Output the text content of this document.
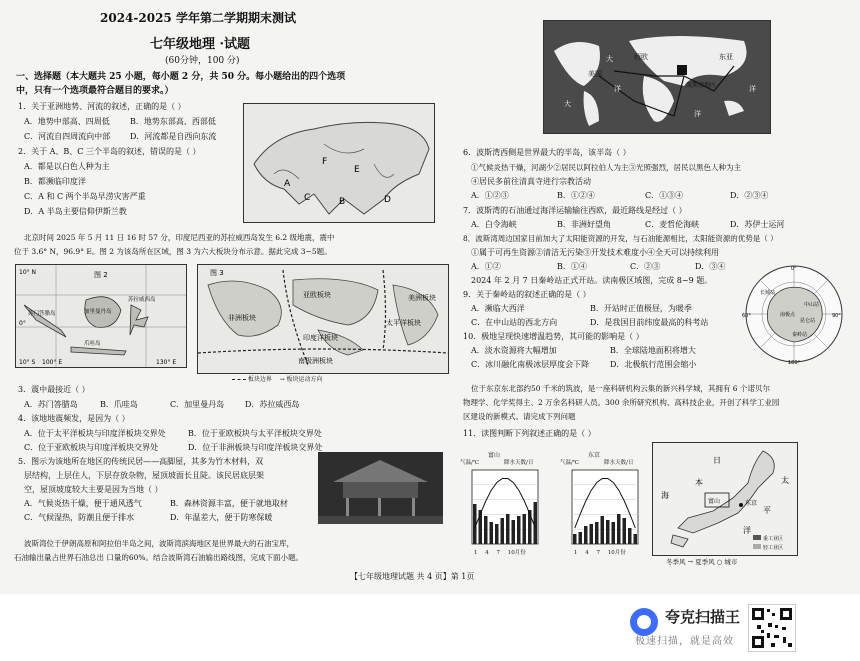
2024-2025 学年第二学期期末测试
七年级地理 ·试题
(60分钟，100 分)
一、选择题（本大题共 25 小题，每小题 2 分，共 50 分。每小题给出的四个选项
中，只有一个选项最符合题目的要求。）
1．关于亚洲地势、河流的叙述，正确的是（ ）
A．地势中部高、四周低	B．地势东部高、西部低
C．河流自四周流向中部 D．河流都是自西向东流
2．关于 A、B、C 三个半岛的叙述，错误的是（ ）
A．都是以白色人种为主
B．都濒临印度洋
C．A 和 C 两个半岛早涝灾害严重
D．A 半岛主要信仰伊斯兰教
F
E
C
A
B	D
北京时间 2025 年 5 月 11 日 16 时 57 分，印度尼西亚的苏拉威西岛发生 6.2 级地震，震中
位于 3.6° N，96.9° E。图 2 为该岛所在区域，图 3 为六大板块分布示意。据此完成 3~5题。
10° N
0°
10° S 100° E	130° E
苏门答腊岛	加里曼丹岛
爪哇岛
苏拉威西岛
图 2
亚欧板块
太平洋板块
美洲板块
非洲板块
印度洋板块
南极洲板块
图 3
板块边界 → 板块运动方向
3．震中最接近（ ）
A．苏门答腊岛	B．爪哇岛	C．加里曼丹岛	D．苏拉威西岛
4．该地地震频发，是因为（ ）
A．位于太平洋板块与印度洋板块交界处	B．位于亚欧板块与太平洋板块交界处
C．位于亚欧板块与印度洋板块交界处	D．位于非洲板块与印度洋板块交界处
5．图示为该地所在地区的传统民居——高脚屋，其多为竹木材料，双
层结构，上层住人，下层存放杂物，屋顶坡面长且陡。该民居底层架
空，屋顶坡度较大主要是因为当地（ ）
A．气候炎热干燥，便于通风透气	B．森林资源丰富，便于就地取材
C．气候湿热，防潮且便于排水	D．年温差大，便于防寒保暖
波斯湾位于伊朗高原和阿拉伯半岛之间，波斯湾滨海地区是世界最大的石油宝库，
石油输出量占世界石油总出 口量的60%。结合波斯湾石油输出路线图，完成下面小题。
【七年级地理试题 共 4 页】第 1页
美国
西欧	东亚
大
大
洋
洋
洋
波斯湾地区
6．波斯湾西侧是世界最大的半岛，该半岛（ ）
①气候炎热干燥，河湖少②居民以阿拉伯人为主③光照强烈，居民以黑色人种为主
④居民多前往清真寺进行宗教活动
A．①②③	B．①②④	C．①③④	D．②③④
7．波斯湾的石油通过海洋运输输往西欧，最近路线是经过（ ）
A．白令海峡	B．非洲好望角	C．麦哲伦海峡	D．苏伊士运河
8．波斯湾周边国家目前加大了太阳能资源的开发，与石油能源相比，太阳能资源的优势是（ ）
①属于可再生资源②清洁无污染③开发技术难度小④全天可以持续利用
A．①②	B．①④	C．②③	D．③④
2024 年 2 月 7 日秦岭站正式开站。读南极区域图，完成 8~9 题。
9．关于秦岭站的叙述正确的是（ ）
A．濒临大西洋	B．开站时正值极昼，为暖季
C．在中山站的西北方向	D．是我国目前纬度最高的科考站
10．极地呈现快速增温趋势，其可能的影响是（ ）
A．淡水资源将大幅增加	B．全球陆地面积将增大
C．冰川融化南极冰层厚度会下降	D．北极航行范围会缩小
60°	90°
中山站
长城站
秦岭站
昆仑站
南极点
180°
0°
位于东京东北部约50 千米的筑波，是一座科研机构云集的新兴科学城，其拥有 6 个诺贝尔
物理学、化学奖得主、2 万余名科研人员。300 余所研究机构、高科技企业，开创了科学工业园
区建设的新模式。请完成下列问题
11．读图判断下列叙述正确的是（ ）
富山
气温/℃	降水天数/日
1 4 7 10月份
东京
气温/℃	降水天数/日
1 4 7 10月份
日
本
海
太
平
洋
富山	东京
重工业区
轻工业区
冬季风 → 夏季风 ○ 城市
夸克扫描王
极速扫描，就是高效
